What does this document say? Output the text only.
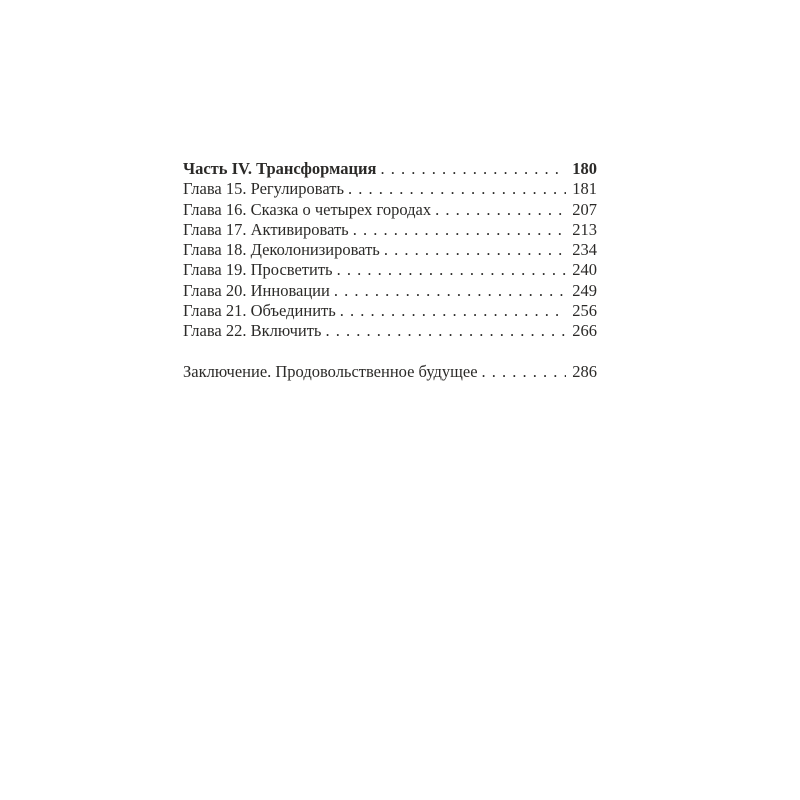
Часть IV. Трансформация . . .	180
Глава 15. Регулировать . . .	181
Глава 16. Сказка о четырех городах . . .	207
Глава 17. Активировать . . .	213
Глава 18. Деколонизировать . . .	234
Глава 19. Просветить . . .	240
Глава 20. Инновации . . .	249
Глава 21. Объединить . . .	256
Глава 22. Включить . . .	266
Заключение. Продовольственное будущее . . .	286
